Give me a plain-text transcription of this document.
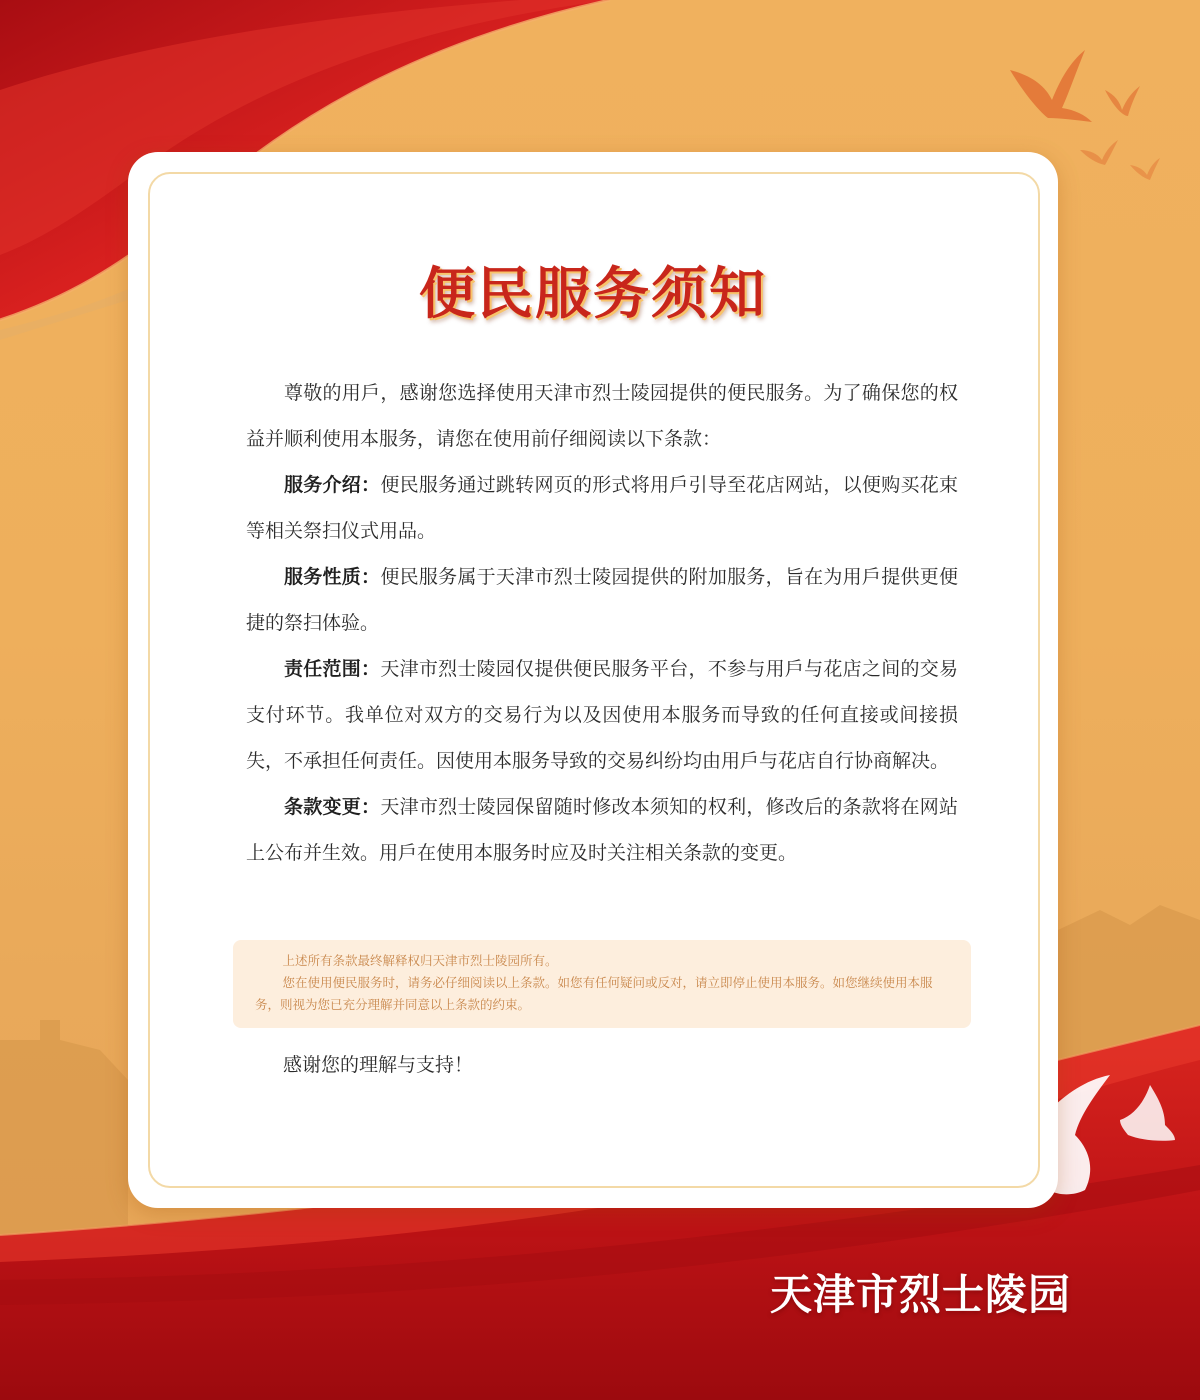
便民服务须知

尊敬的用戶，感谢您选择使用天津市烈士陵园提供的便民服务。为了确保您的权益并顺利使用本服务，请您在使用前仔细阅读以下条款：

服务介绍：便民服务通过跳转网页的形式将用戶引导至花店网站，以便购买花束等相关祭扫仪式用品。

服务性质：便民服务属于天津市烈士陵园提供的附加服务，旨在为用戶提供更便捷的祭扫体验。

责任范围：天津市烈士陵园仅提供便民服务平台，不参与用戶与花店之间的交易支付环节。我单位对双方的交易行为以及因使用本服务而导致的任何直接或间接损失，不承担任何责任。因使用本服务导致的交易纠纷均由用戶与花店自行协商解决。

条款变更：天津市烈士陵园保留随时修改本须知的权利，修改后的条款将在网站上公布并生效。用戶在使用本服务时应及时关注相关条款的变更。

上述所有条款最终解释权归天津市烈士陵园所有。

您在使用便民服务时，请务必仔细阅读以上条款。如您有任何疑问或反对，请立即停止使用本服务。如您继续使用本服务，则视为您已充分理解并同意以上条款的约束。

感谢您的理解与支持！

天津市烈士陵园
